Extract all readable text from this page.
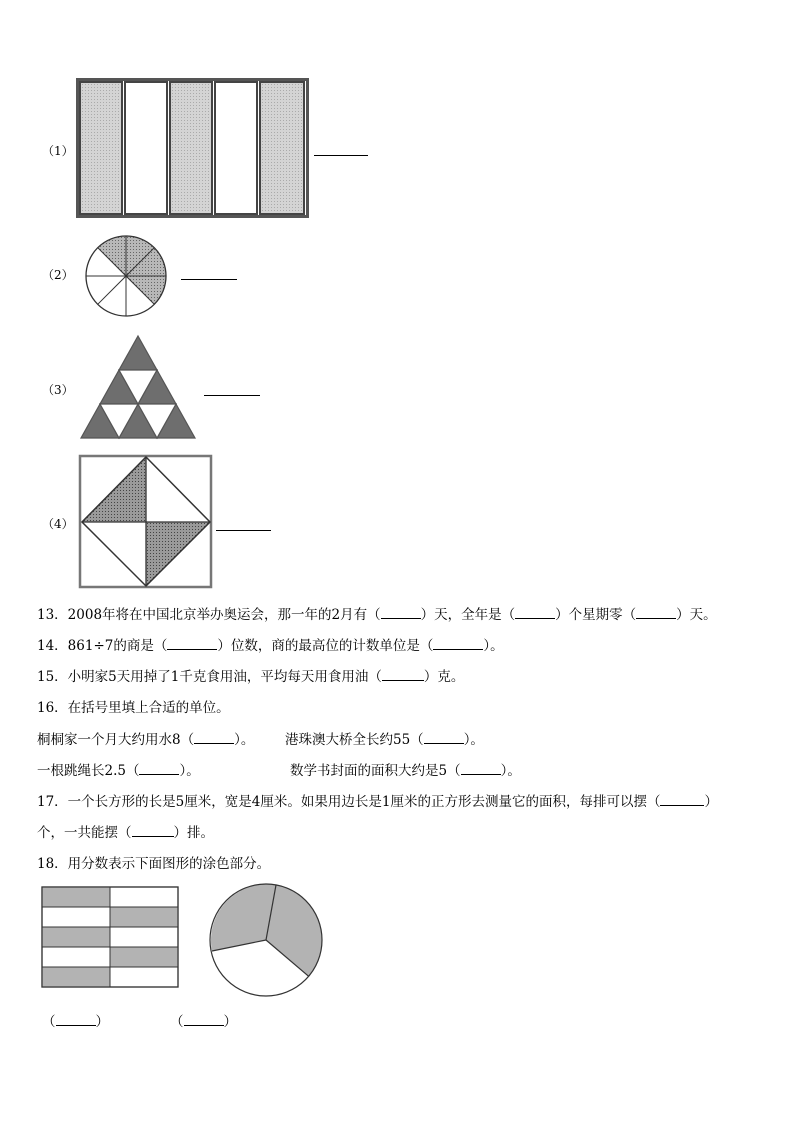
（1）
（2）
（3）
（4）
13．2008年将在中国北京举办奥运会，那一年的2月有（	）天，全年是（	）个星期零（	）天。
14．861÷7的商是（	）位数，商的最高位的计数单位是（	）。
15．小明家5天用掉了1千克食用油，平均每天用食用油（	）克。
16．在括号里填上合适的单位。
桐桐家一个月大约用水8（	）。 港珠澳大桥全长约55（	）。
一根跳绳长2.5（	）。	数学书封面的面积大约是5（	）。
17．一个长方形的长是5厘米，宽是4厘米。如果用边长是1厘米的正方形去测量它的面积，每排可以摆（	）
个，一共能摆（	）排。
18．用分数表示下面图形的涂色部分。
（	）	（	）
